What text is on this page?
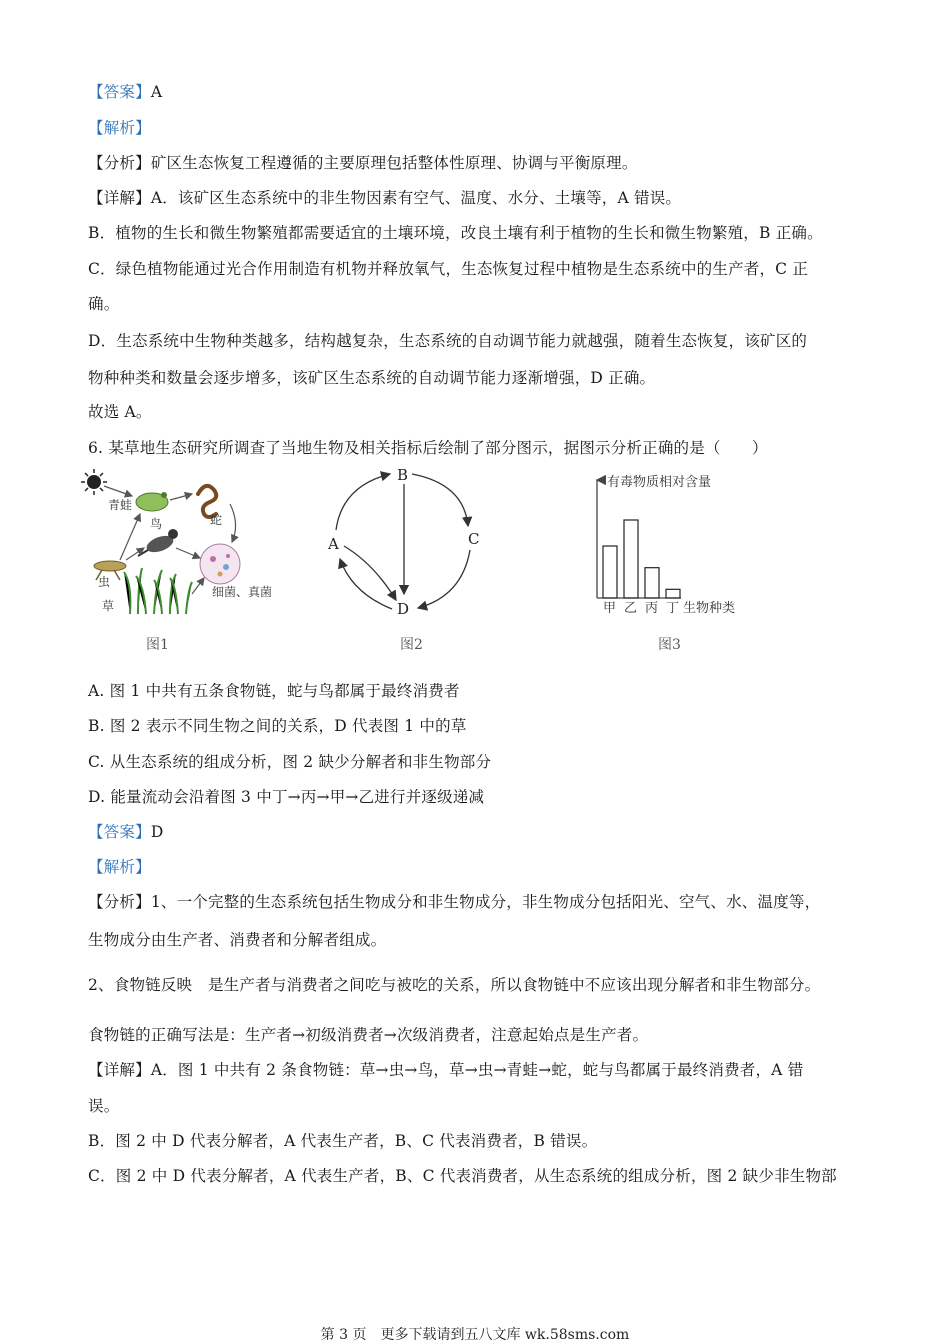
【答案】A
【解析】
【分析】矿区生态恢复工程遵循的主要原理包括整体性原理、协调与平衡原理。
【详解】A．该矿区生态系统中的非生物因素有空气、温度、水分、土壤等，A 错误。
B．植物的生长和微生物繁殖都需要适宜的土壤环境，改良土壤有利于植物的生长和微生物繁殖，B 正确。
C．绿色植物能通过光合作用制造有机物并释放氧气，生态恢复过程中植物是生态系统中的生产者，C 正
确。
D．生态系统中生物种类越多，结构越复杂，生态系统的自动调节能力就越强，随着生态恢复，该矿区的
物种种类和数量会逐步增多，该矿区生态系统的自动调节能力逐渐增强，D 正确。
故选 A。
6. 某草地生态研究所调查了当地生物及相关指标后绘制了部分图示，据图示分析正确的是（　　）
青蛙
蛇
鸟
虫
草
细菌、真菌
B
A	C
D
有毒物质相对含量
甲 乙 丙 丁 生物种类
图1	图2	图3
A. 图 1 中共有五条食物链，蛇与鸟都属于最终消费者
B. 图 2 表示不同生物之间的关系，D 代表图 1 中的草
C. 从生态系统的组成分析，图 2 缺少分解者和非生物部分
D. 能量流动会沿着图 3 中丁→丙→甲→乙进行并逐级递减
【答案】D
【解析】
【分析】1、一个完整的生态系统包括生物成分和非生物成分，非生物成分包括阳光、空气、水、温度等，
生物成分由生产者、消费者和分解者组成。
2、食物链反映　是生产者与消费者之间吃与被吃的关系，所以食物链中不应该出现分解者和非生物部分。
食物链的正确写法是：生产者→初级消费者→次级消费者，注意起始点是生产者。
【详解】A．图 1 中共有 2 条食物链：草→虫→鸟，草→虫→青蛙→蛇，蛇与鸟都属于最终消费者，A 错
误。
B．图 2 中 D 代表分解者，A 代表生产者，B、C 代表消费者，B 错误。
C．图 2 中 D 代表分解者，A 代表生产者，B、C 代表消费者，从生态系统的组成分析，图 2 缺少非生物部
第 3 页　更多下载请到五八文库 wk.58sms.com
